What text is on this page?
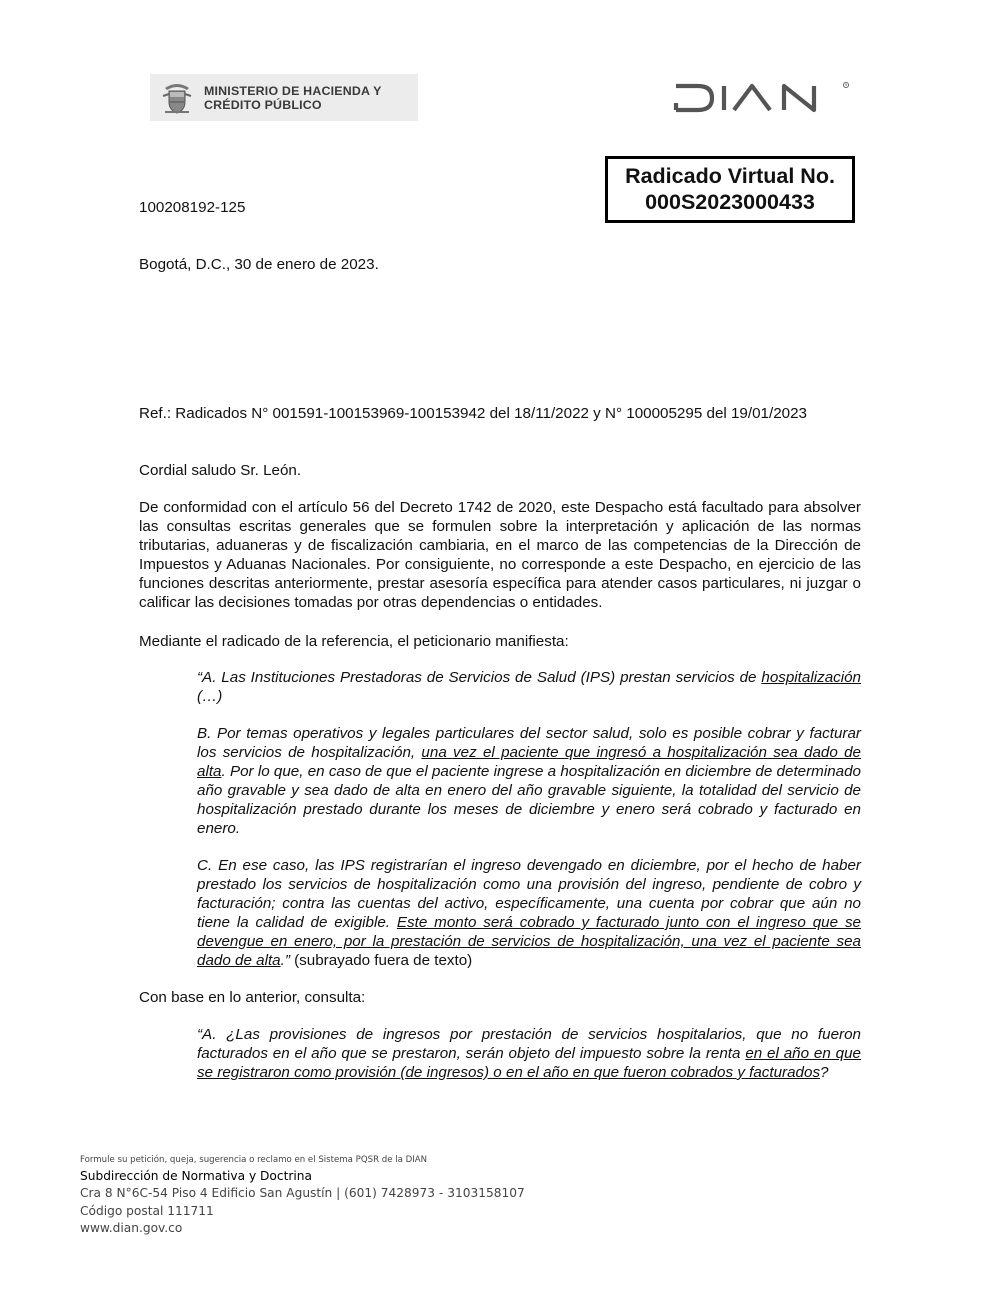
MINISTERIO DE HACIENDA Y
CRÉDITO PÚBLICO
R
Radicado Virtual No.
000S2023000433
100208192-125
Bogotá, D.C., 30 de enero de 2023.
Ref.: Radicados N° 001591-100153969-100153942 del 18/11/2022 y N° 100005295 del 19/01/2023
Cordial saludo Sr. León.
De conformidad con el artículo 56 del Decreto 1742 de 2020, este Despacho está facultado para absolver las consultas escritas generales que se formulen sobre la interpretación y aplicación de las normas tributarias, aduaneras y de fiscalización cambiaria, en el marco de las competencias de la Dirección de Impuestos y Aduanas Nacionales. Por consiguiente, no corresponde a este Despacho, en ejercicio de las funciones descritas anteriormente, prestar asesoría específica para atender casos particulares, ni juzgar o calificar las decisiones tomadas por otras dependencias o entidades.
Mediante el radicado de la referencia, el peticionario manifiesta:
“A. Las Instituciones Prestadoras de Servicios de Salud (IPS) prestan servicios de hospitalización (…)
B. Por temas operativos y legales particulares del sector salud, solo es posible cobrar y facturar los servicios de hospitalización, una vez el paciente que ingresó a hospitalización sea dado de alta. Por lo que, en caso de que el paciente ingrese a hospitalización en diciembre de determinado año gravable y sea dado de alta en enero del año gravable siguiente, la totalidad del servicio de hospitalización prestado durante los meses de diciembre y enero será cobrado y facturado en enero.
C. En ese caso, las IPS registrarían el ingreso devengado en diciembre, por el hecho de haber prestado los servicios de hospitalización como una provisión del ingreso, pendiente de cobro y facturación; contra las cuentas del activo, específicamente, una cuenta por cobrar que aún no tiene la calidad de exigible. Este monto será cobrado y facturado junto con el ingreso que se devengue en enero, por la prestación de servicios de hospitalización, una vez el paciente sea dado de alta.” (subrayado fuera de texto)
Con base en lo anterior, consulta:
“A. ¿Las provisiones de ingresos por prestación de servicios hospitalarios, que no fueron facturados en el año que se prestaron, serán objeto del impuesto sobre la renta en el año en que se registraron como provisión (de ingresos) o en el año en que fueron cobrados y facturados?
Formule su petición, queja, sugerencia o reclamo en el Sistema PQSR de la DIAN
Subdirección de Normativa y Doctrina
Cra 8 N°6C-54 Piso 4 Edificio San Agustín | (601) 7428973 - 3103158107
Código postal 111711
www.dian.gov.co
